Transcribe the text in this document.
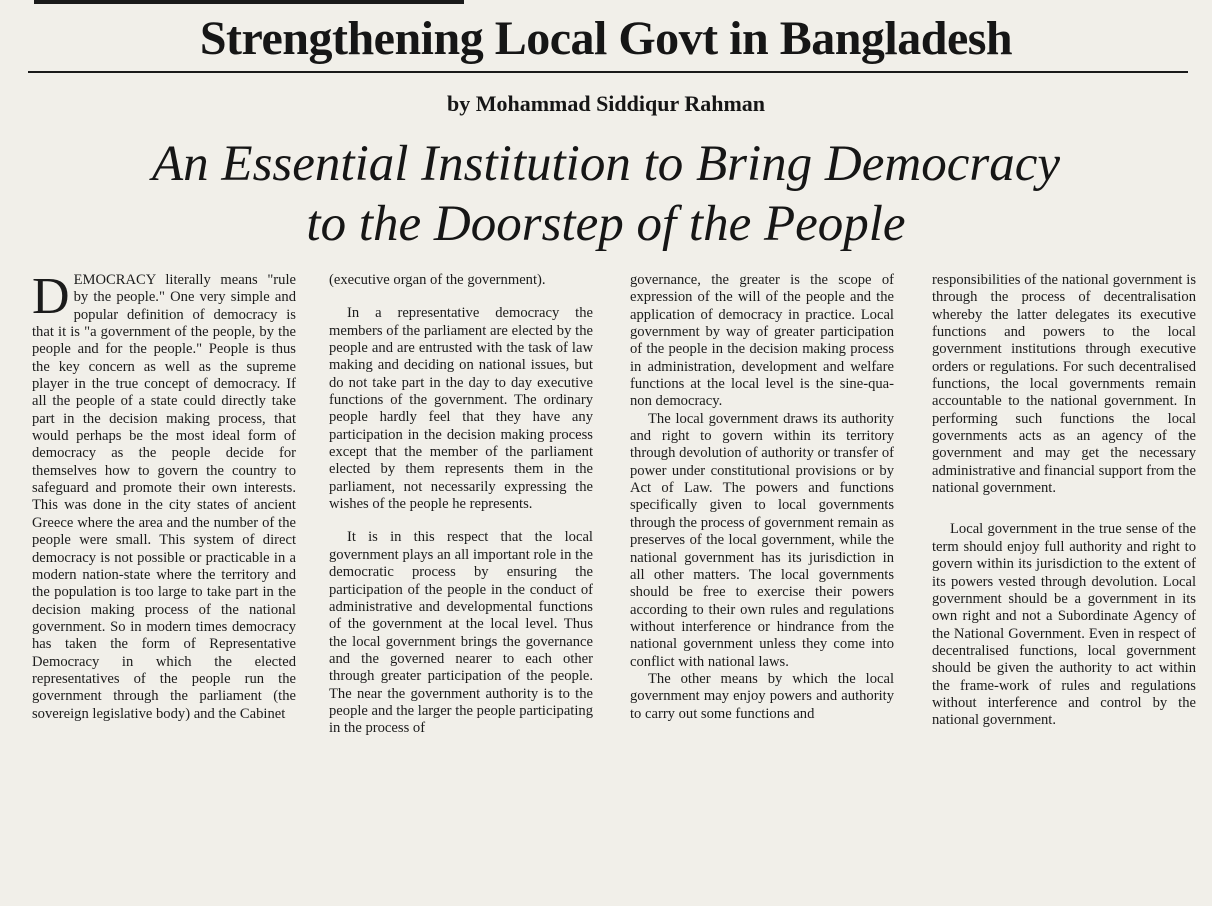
Strengthening Local Govt in Bangladesh
by Mohammad Siddiqur Rahman
An Essential Institution to Bring Democracy
to the Doorstep of the People

DEMOCRACY literally means "rule by the people." One very simple and popular definition of democracy is that it is "a government of the people, by the people and for the people." People is thus the key concern as well as the supreme player in the true concept of democracy. If all the people of a state could directly take part in the decision making process, that would perhaps be the most ideal form of democracy as the people decide for themselves how to govern the country to safeguard and promote their own interests. This was done in the city states of ancient Greece where the area and the number of the people were small. This system of direct democracy is not possible or practicable in a modern nation-state where the territory and the population is too large to take part in the decision making process of the national government. So in modern times democracy has taken the form of Representative Democracy in which the elected representatives of the people run the government through the parliament (the sovereign legislative body) and the Cabinet

(executive organ of the government).

In a representative democracy the members of the parliament are elected by the people and are entrusted with the task of law making and deciding on national issues, but do not take part in the day to day executive functions of the government. The ordinary people hardly feel that they have any participation in the decision making process except that the member of the parliament elected by them represents them in the parliament, not necessarily expressing the wishes of the people he represents.

It is in this respect that the local government plays an all important role in the democratic process by ensuring the participation of the people in the conduct of administrative and developmental functions of the government at the local level. Thus the local government brings the governance and the governed nearer to each other through greater participation of the people. The near the government authority is to the people and the larger the people participating in the process of

governance, the greater is the scope of expression of the will of the people and the application of democracy in practice. Local government by way of greater participation of the people in the decision making process in administration, development and welfare functions at the local level is the sine-qua-non democracy.

The local government draws its authority and right to govern within its territory through devolution of authority or transfer of power under constitutional provisions or by Act of Law. The powers and functions specifically given to local governments through the process of government remain as preserves of the local government, while the national government has its jurisdiction in all other matters. The local governments should be free to exercise their powers according to their own rules and regulations without interference or hindrance from the national government unless they come into conflict with national laws.

The other means by which the local government may enjoy powers and authority to carry out some functions and

responsibilities of the national government is through the process of decentralisation whereby the latter delegates its executive functions and powers to the local government institutions through executive orders or regulations. For such decentralised functions, the local governments remain accountable to the national government. In performing such functions the local governments acts as an agency of the government and may get the necessary administrative and financial support from the national government.

Local government in the true sense of the term should enjoy full authority and right to govern within its jurisdiction to the extent of its powers vested through devolution. Local government should be a government in its own right and not a Subordinate Agency of the National Government. Even in respect of decentralised functions, local government should be given the authority to act within the frame-work of rules and regulations without interference and control by the national government.
